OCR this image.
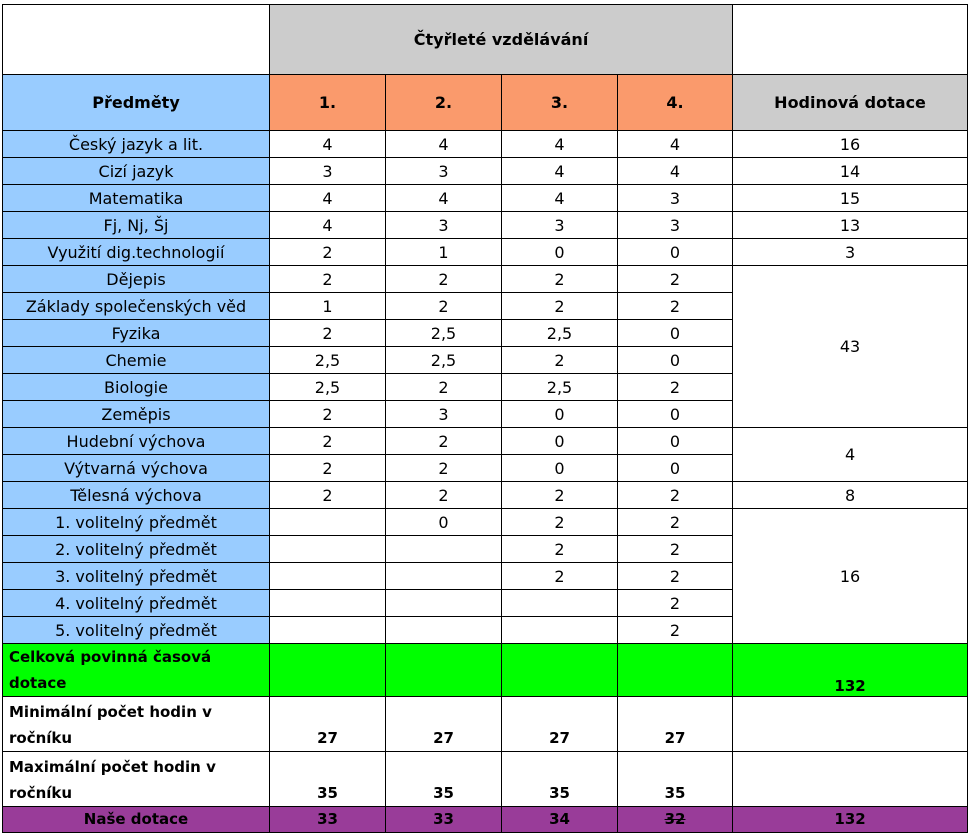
	Čtyřleté vzdělávání				
Předměty	1.	2.	3.	4.	Hodinová dotace
Český jazyk a lit.	4	4	4	4	16
Cizí jazyk	3	3	4	4	14
Matematika	4	4	4	3	15
Fj, Nj, Šj	4	3	3	3	13
Využití dig.technologií	2	1	0	0	3
Dějepis	2	2	2	2	43
Základy společenských věd	1	2	2	2	
Fyzika	2	2,5	2,5	0	
Chemie	2,5	2,5	2	0	
Biologie	2,5	2	2,5	2	
Zeměpis	2	3	0	0	
Hudební výchova	2	2	0	0	4
Výtvarná výchova	2	2	0	0	
Tělesná výchova	2	2	2	2	8
1. volitelný předmět		0	2	2	16
2. volitelný předmět			2	2	
3. volitelný předmět			2	2	
4. volitelný předmět				2	
5. volitelný předmět				2	
Celková povinná časová dotace					132
Minimální počet hodin v ročníku	27	27	27	27	
Maximální počet hodin v ročníku	35	35	35	35	
Naše dotace	33	33	34	32	132
